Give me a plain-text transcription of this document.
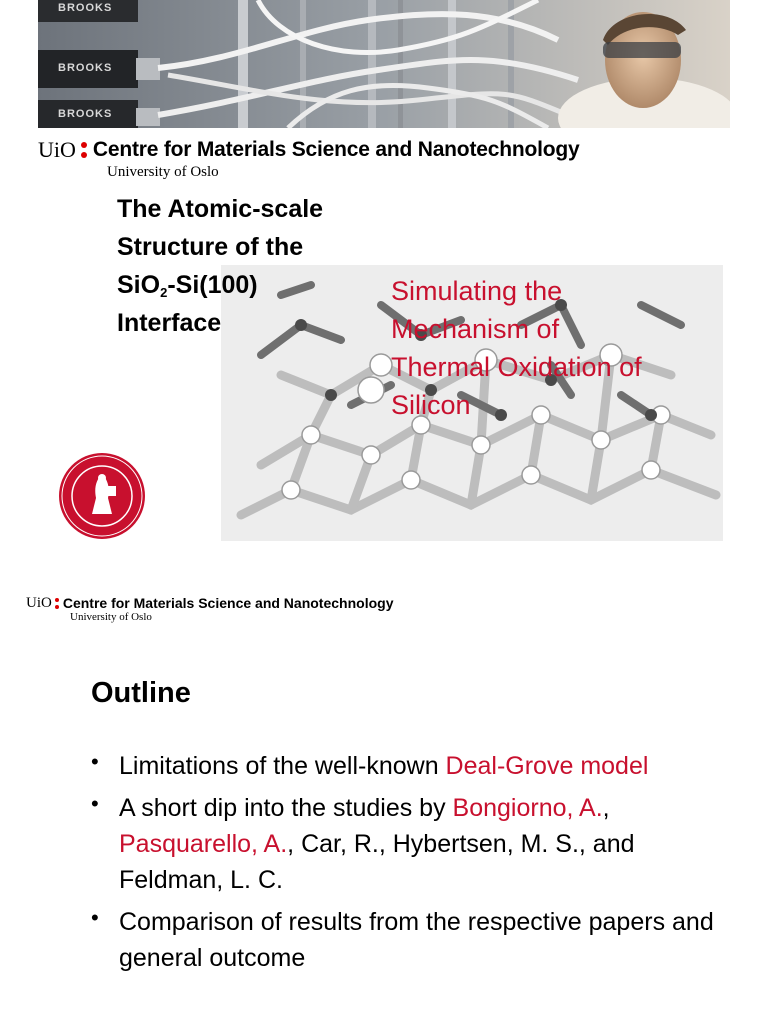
BROOKS
BROOKS
BROOKS
UiO Centre for Materials Science and Nanotechnology
University of Oslo
The Atomic-scale
Structure of the
SiO$_2$-Si(100)
Interface
Simulating the
Mechanism of
Thermal Oxidation of
Silicon
UiO Centre for Materials Science and Nanotechnology
University of Oslo
Outline
• Limitations of the well-known Deal-Grove model
• A short dip into the studies by Bongiorno, A., Pasquarello, A., Car, R., Hybertsen, M. S., and Feldman, L. C.
• Comparison of results from the respective papers and general outcome
